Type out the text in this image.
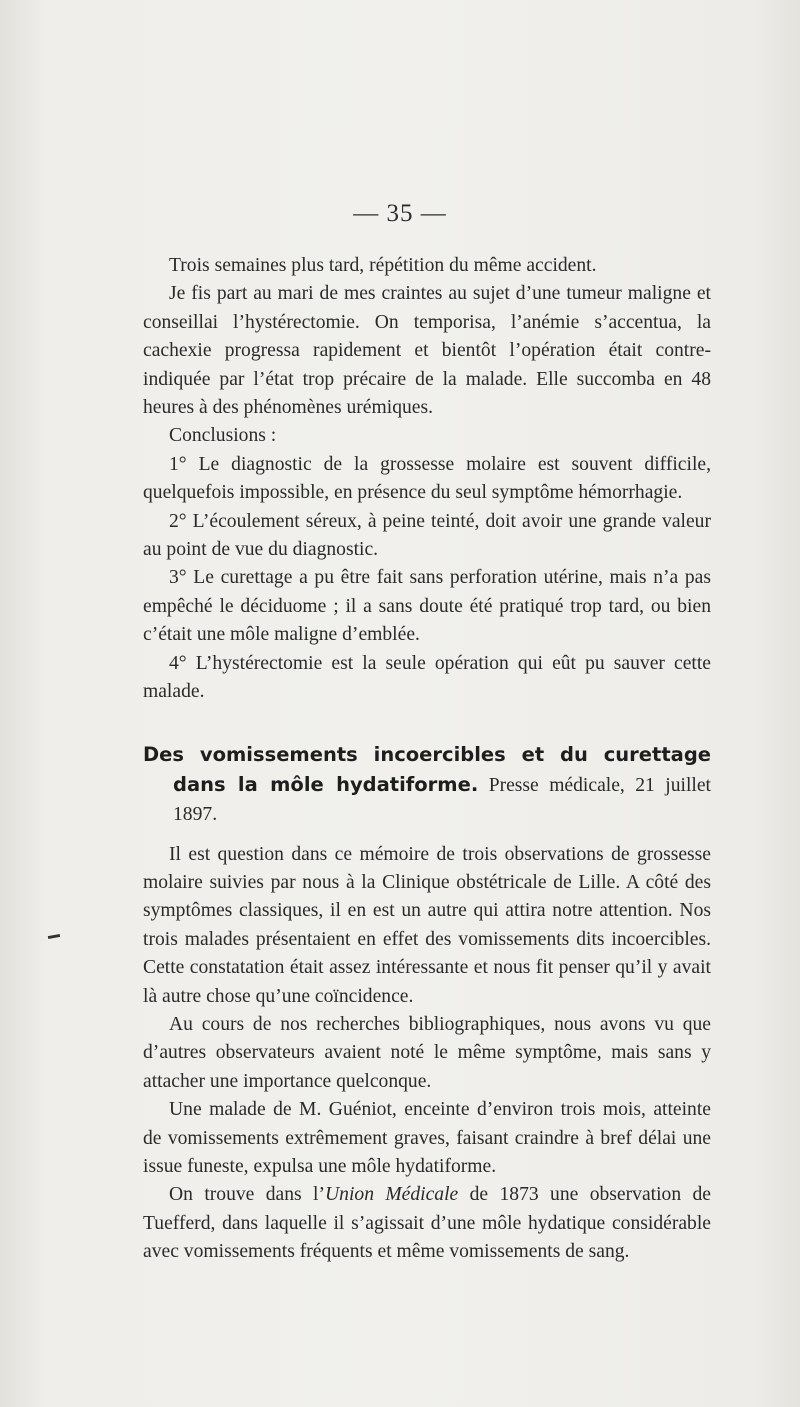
— 35 —

Trois semaines plus tard, répétition du même accident.

Je fis part au mari de mes craintes au sujet d’une tumeur maligne et conseillai l’hystérectomie. On temporisa, l’anémie s’accentua, la cachexie progressa rapidement et bientôt l’opération était contre-indiquée par l’état trop précaire de la malade. Elle succomba en 48 heures à des phénomènes urémiques.

Conclusions :

1° Le diagnostic de la grossesse molaire est souvent difficile, quelquefois impossible, en présence du seul symptôme hémorrhagie.

2° L’écoulement séreux, à peine teinté, doit avoir une grande valeur au point de vue du diagnostic.

3° Le curettage a pu être fait sans perforation utérine, mais n’a pas empêché le déciduome ; il a sans doute été pratiqué trop tard, ou bien c’était une môle maligne d’emblée.

4° L’hystérectomie est la seule opération qui eût pu sauver cette malade.

Des vomissements incoercibles et du curettage dans la môle hydatiforme. Presse médicale, 21 juillet 1897.

Il est question dans ce mémoire de trois observations de grossesse molaire suivies par nous à la Clinique obstétricale de Lille. A côté des symptômes classiques, il en est un autre qui attira notre attention. Nos trois malades présentaient en effet des vomissements dits incoercibles. Cette constatation était assez intéressante et nous fit penser qu’il y avait là autre chose qu’une coïncidence.

Au cours de nos recherches bibliographiques, nous avons vu que d’autres observateurs avaient noté le même symptôme, mais sans y attacher une importance quelconque.

Une malade de M. Guéniot, enceinte d’environ trois mois, atteinte de vomissements extrêmement graves, faisant craindre à bref délai une issue funeste, expulsa une môle hydatiforme.

On trouve dans l’Union Médicale de 1873 une observation de Tuefferd, dans laquelle il s’agissait d’une môle hydatique considérable avec vomissements fréquents et même vomissements de sang.
